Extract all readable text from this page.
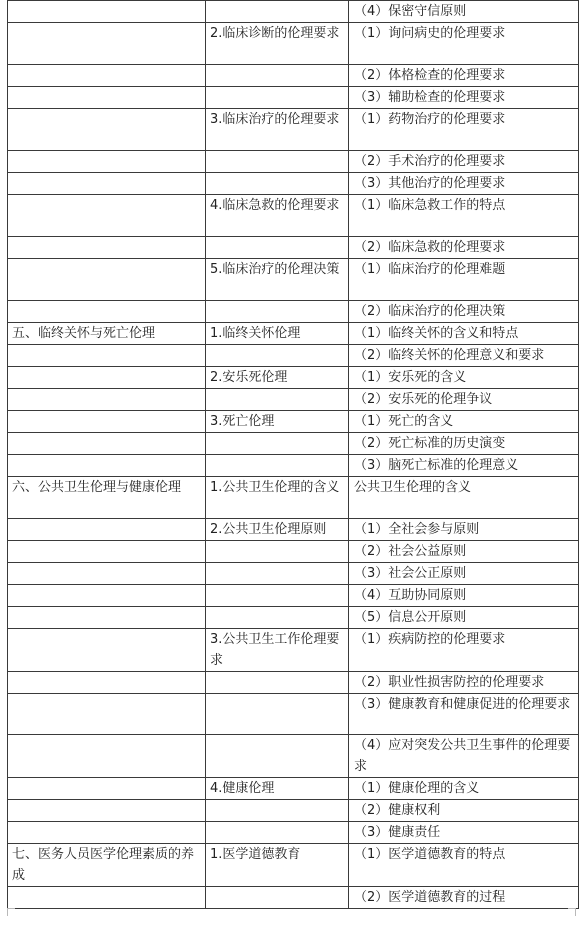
		（4）保密守信原则
	2.临床诊断的伦理要求	（1）询问病史的伦理要求
		（2）体格检查的伦理要求
		（3）辅助检查的伦理要求
	3.临床治疗的伦理要求	（1）药物治疗的伦理要求
		（2）手术治疗的伦理要求
		（3）其他治疗的伦理要求
	4.临床急救的伦理要求	（1）临床急救工作的特点
		（2）临床急救的伦理要求
	5.临床治疗的伦理决策	（1）临床治疗的伦理难题
		（2）临床治疗的伦理决策
五、临终关怀与死亡伦理	1.临终关怀伦理	（1）临终关怀的含义和特点
		（2）临终关怀的伦理意义和要求
	2.安乐死伦理	（1）安乐死的含义
		（2）安乐死的伦理争议
	3.死亡伦理	（1）死亡的含义
		（2）死亡标准的历史演变
		（3）脑死亡标准的伦理意义
六、公共卫生伦理与健康伦理	1.公共卫生伦理的含义	公共卫生伦理的含义
	2.公共卫生伦理原则	（1）全社会参与原则
		（2）社会公益原则
		（3）社会公正原则
		（4）互助协同原则
		（5）信息公开原则
	3.公共卫生工作伦理要求	（1）疾病防控的伦理要求
		（2）职业性损害防控的伦理要求
		（3）健康教育和健康促进的伦理要求
		（4）应对突发公共卫生事件的伦理要求
	4.健康伦理	（1）健康伦理的含义
		（2）健康权利
		（3）健康责任
七、医务人员医学伦理素质的养成	1.医学道德教育	（1）医学道德教育的特点
		（2）医学道德教育的过程
